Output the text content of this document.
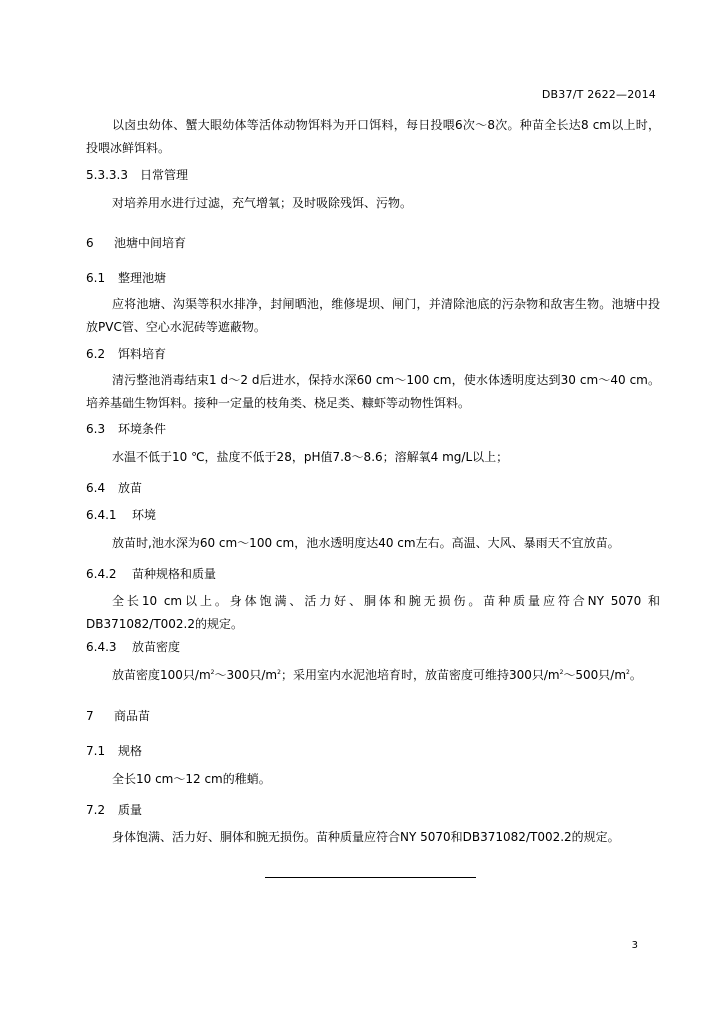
DB37/T 2622—2014
以卤虫幼体、蟹大眼幼体等活体动物饵料为开口饵料，每日投喂6次～8次。种苗全长达8 cm以上时，投喂冰鲜饵料。
5.3.3.3 日常管理
对培养用水进行过滤，充气增氧；及时吸除残饵、污物。
6 池塘中间培育
6.1 整理池塘
应将池塘、沟渠等积水排净，封闸晒池，维修堤坝、闸门，并清除池底的污杂物和敌害生物。池塘中投放PVC管、空心水泥砖等遮蔽物。
6.2 饵料培育
清污整池消毒结束1 d～2 d后进水，保持水深60 cm～100 cm，使水体透明度达到30 cm～40 cm。培养基础生物饵料。接种一定量的枝角类、桡足类、糠虾等动物性饵料。
6.3 环境条件
水温不低于10 ℃，盐度不低于28，pH值7.8～8.6；溶解氧4 mg/L以上；
6.4 放苗
6.4.1 环境
放苗时,池水深为60 cm～100 cm，池水透明度达40 cm左右。高温、大风、暴雨天不宜放苗。
6.4.2 苗种规格和质量
全长10 cm以上。身体饱满、活力好、胴体和腕无损伤。苗种质量应符合NY 5070 和DB371082/T002.2的规定。
6.4.3 放苗密度
放苗密度100只$/m^2\sim 300$只$/m^2$；采用室内水泥池培育时，放苗密度可维持300只$/m^2\sim 500$只$/m^2$。
7 商品苗
7.1 规格
全长10 cm～12 cm的稚蛸。
7.2 质量
身体饱满、活力好、胴体和腕无损伤。苗种质量应符合NY 5070和DB371082/T002.2的规定。
3
